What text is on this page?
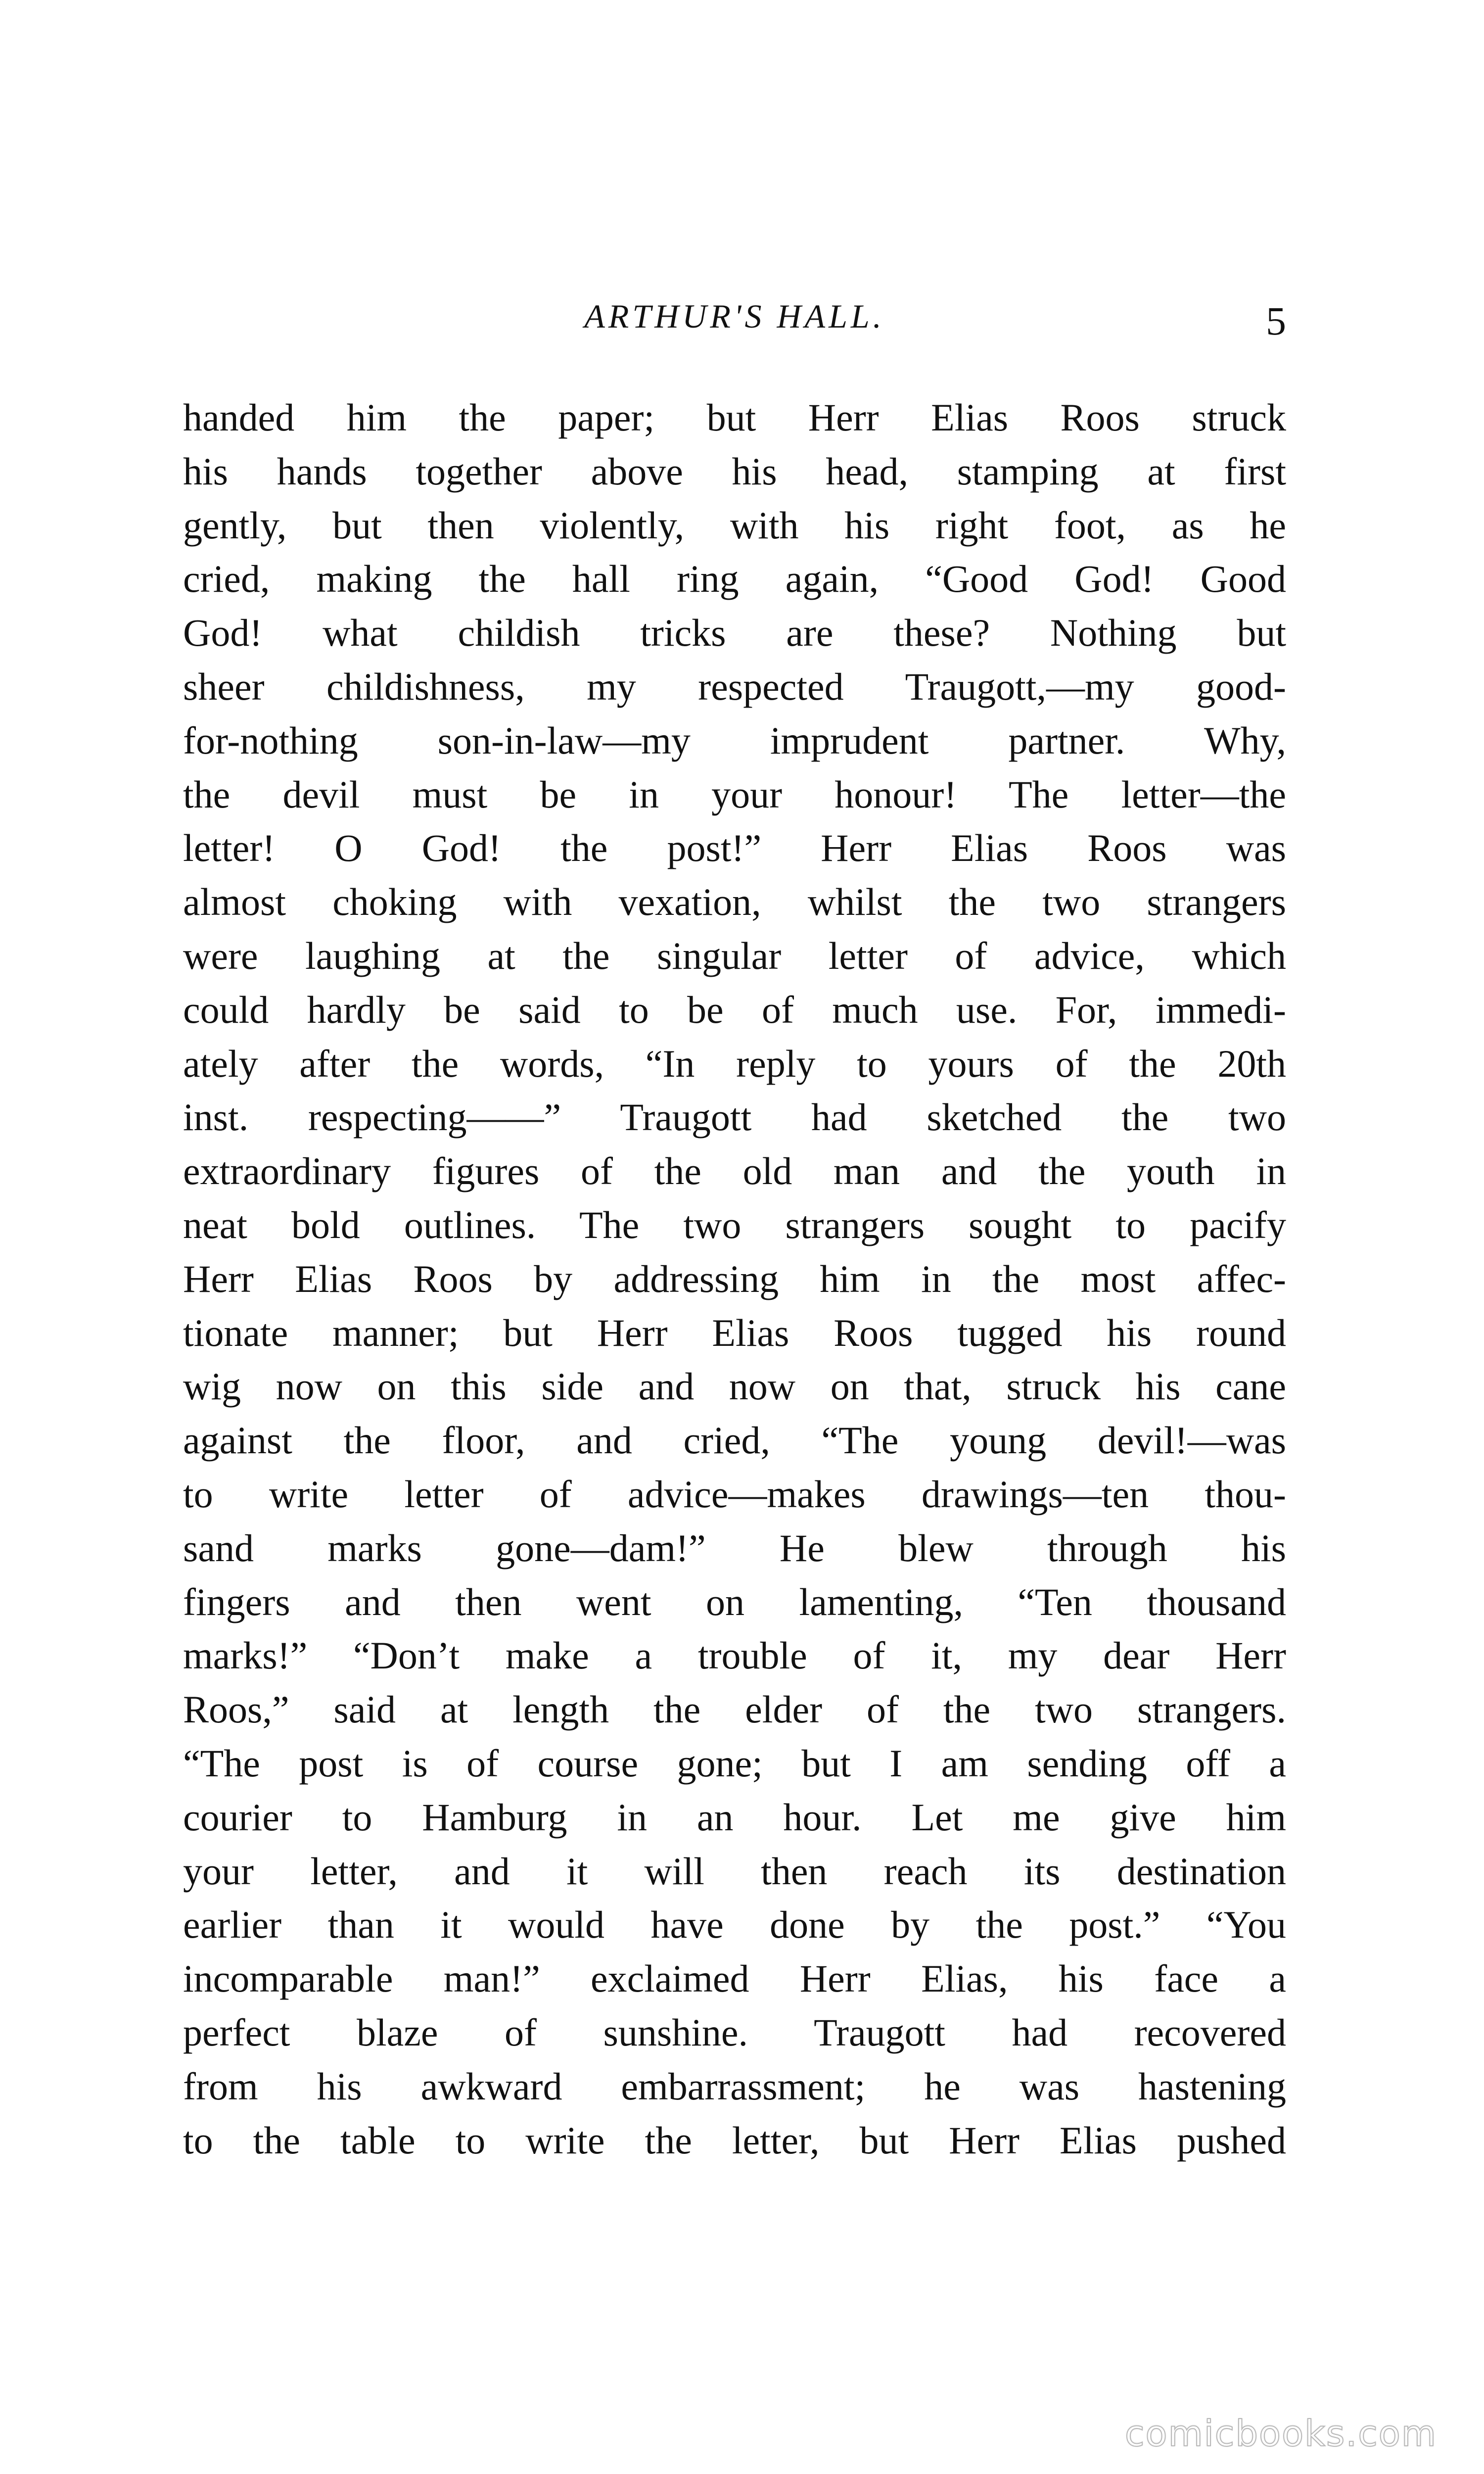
ARTHUR'S HALL.	5
handed him the paper; but Herr Elias Roos struck
his hands together above his head, stamping at first
gently, but then violently, with his right foot, as he
cried, making the hall ring again, “Good God! Good
God! what childish tricks are these? Nothing but
sheer childishness, my respected Traugott,—my good-
for-nothing son-in-law—my imprudent partner. Why,
the devil must be in your honour! The letter—the
letter! O God! the post!” Herr Elias Roos was
almost choking with vexation, whilst the two strangers
were laughing at the singular letter of advice, which
could hardly be said to be of much use. For, immedi-
ately after the words, “In reply to yours of the 20th
inst. respecting——” Traugott had sketched the two
extraordinary figures of the old man and the youth in
neat bold outlines. The two strangers sought to pacify
Herr Elias Roos by addressing him in the most affec-
tionate manner; but Herr Elias Roos tugged his round
wig now on this side and now on that, struck his cane
against the floor, and cried, “The young devil!—was
to write letter of advice—makes drawings—ten thou-
sand marks gone—dam!” He blew through his
fingers and then went on lamenting, “Ten thousand
marks!” “Don’t make a trouble of it, my dear Herr
Roos,” said at length the elder of the two strangers.
“The post is of course gone; but I am sending off a
courier to Hamburg in an hour. Let me give him
your letter, and it will then reach its destination
earlier than it would have done by the post.” “You
incomparable man!” exclaimed Herr Elias, his face a
perfect blaze of sunshine. Traugott had recovered
from his awkward embarrassment; he was hastening
to the table to write the letter, but Herr Elias pushed
comicbooks.com
